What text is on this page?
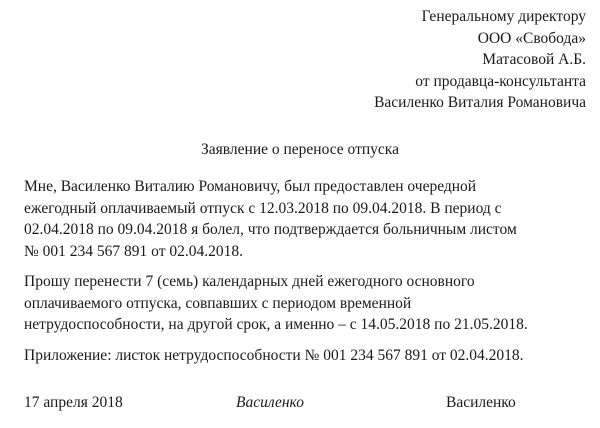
Генеральному директору
ООО «Свобода»
Матасовой А.Б.
от продавца-консультанта
Василенко Виталия Романовича
Заявление о переносе отпуска
Мне, Василенко Виталию Романовичу, был предоставлен очередной
ежегодный оплачиваемый отпуск с 12.03.2018 по 09.04.2018. В период с
02.04.2018 по 09.04.2018 я болел, что подтверждается больничным листом
№ 001 234 567 891 от 02.04.2018.
Прошу перенести 7 (семь) календарных дней ежегодного основного
оплачиваемого отпуска, совпавших с периодом временной
нетрудоспособности, на другой срок, а именно – с 14.05.2018 по 21.05.2018.
Приложение: листок нетрудоспособности № 001 234 567 891 от 02.04.2018.
17 апреля 2018	Василенко	Василенко
